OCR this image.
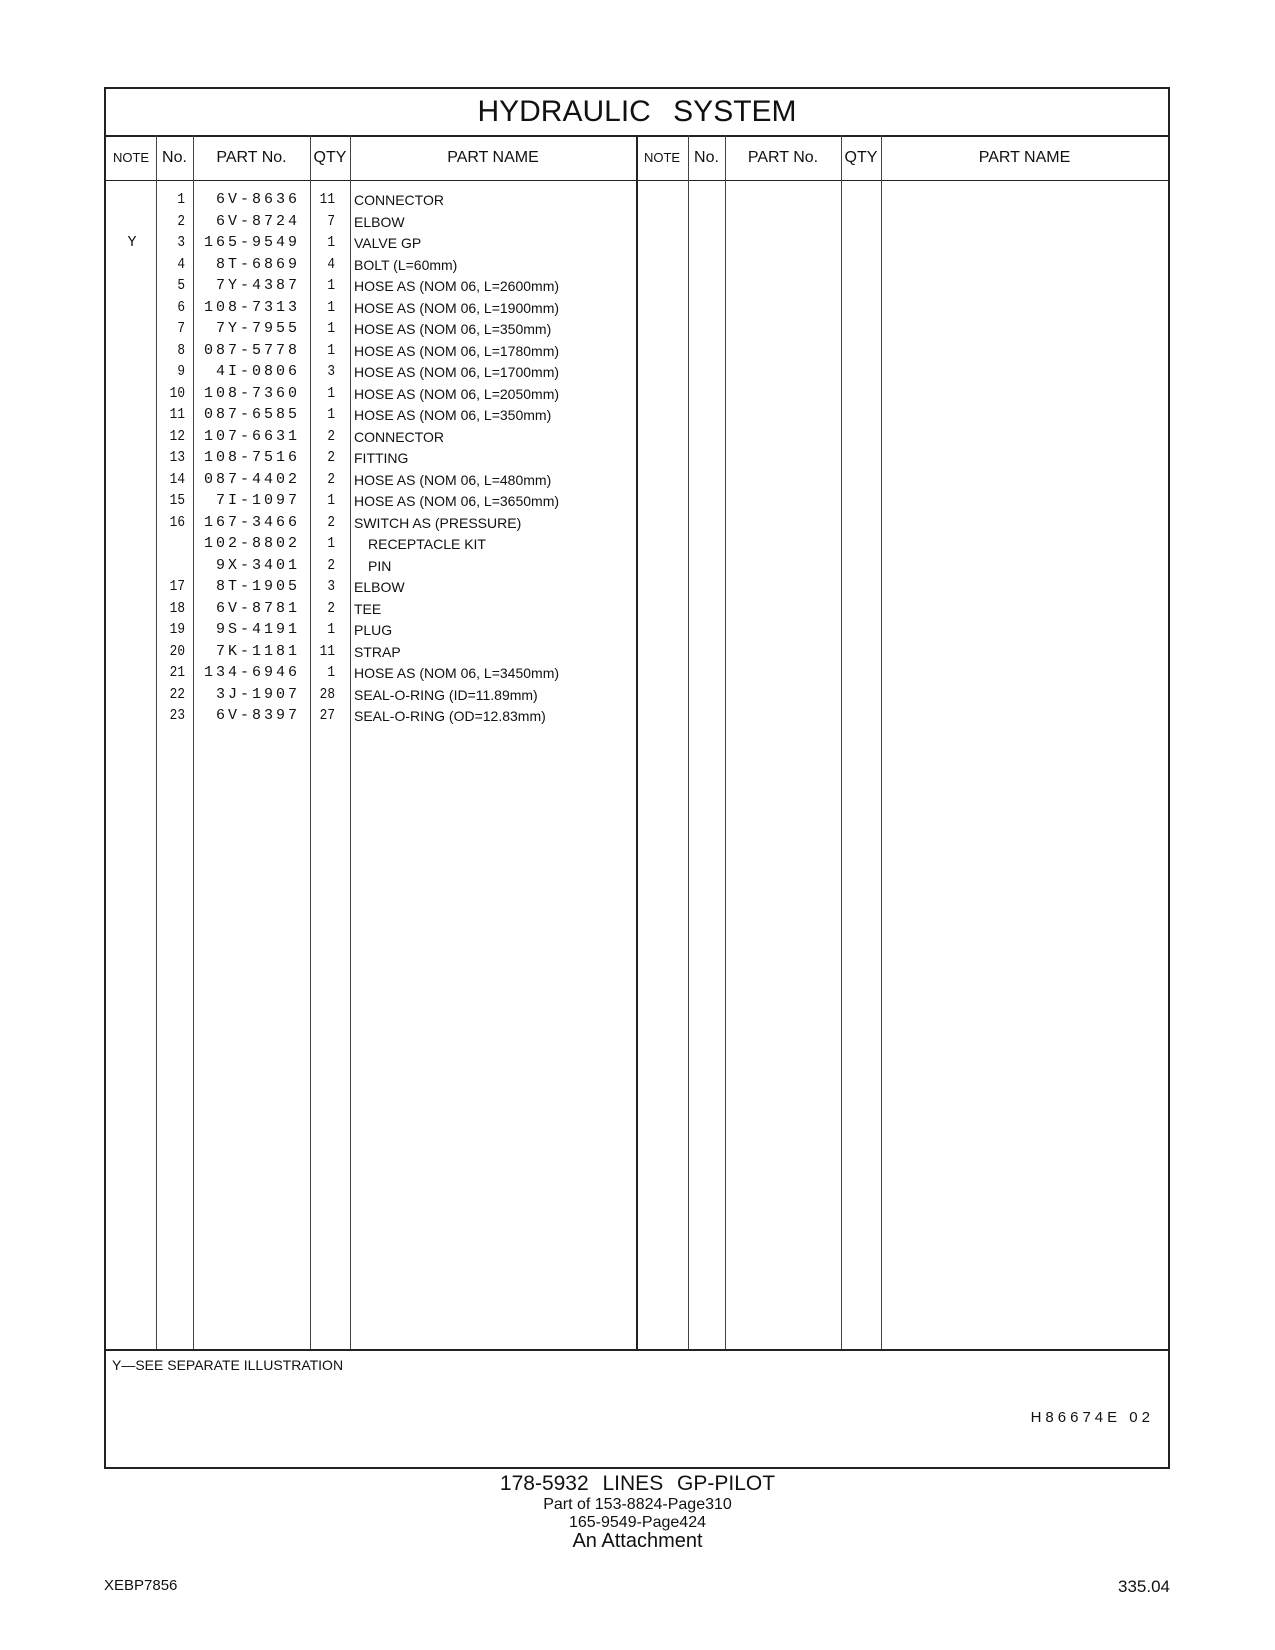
HYDRAULIC SYSTEM
NOTE No.	PART No.	QTY	PART NAME	NOTE No.	PART No.	QTY	PART NAME
1	6V-8636	11 CONNECTOR
2	6V-8724	7 ELBOW
Y	3	165-9549	1 VALVE GP
4	8T-6869	4 BOLT (L=60mm)
5	7Y-4387	1 HOSE AS (NOM 06, L=2600mm)
6	108-7313	1 HOSE AS (NOM 06, L=1900mm)
7	7Y-7955	1 HOSE AS (NOM 06, L=350mm)
8	087-5778	1 HOSE AS (NOM 06, L=1780mm)
9	4I-0806	3 HOSE AS (NOM 06, L=1700mm)
10	108-7360	1 HOSE AS (NOM 06, L=2050mm)
11	087-6585	1 HOSE AS (NOM 06, L=350mm)
12	107-6631	2 CONNECTOR
13	108-7516	2 FITTING
14	087-4402	2 HOSE AS (NOM 06, L=480mm)
15	7I-1097	1 HOSE AS (NOM 06, L=3650mm)
16	167-3466	2 SWITCH AS (PRESSURE)
102-8802	1 RECEPTACLE KIT
9X-3401	2 PIN
17	8T-1905	3 ELBOW
18	6V-8781	2 TEE
19	9S-4191	1 PLUG
20	7K-1181	11 STRAP
21	134-6946	1 HOSE AS (NOM 06, L=3450mm)
22	3J-1907	28 SEAL-O-RING (ID=11.89mm)
23	6V-8397	27 SEAL-O-RING (OD=12.83mm)
Y—SEE SEPARATE ILLUSTRATION
H86674E 02
178-5932 LINES GP-PILOT
Part of 153-8824-Page310
165-9549-Page424
An Attachment
XEBP7856	335.04
